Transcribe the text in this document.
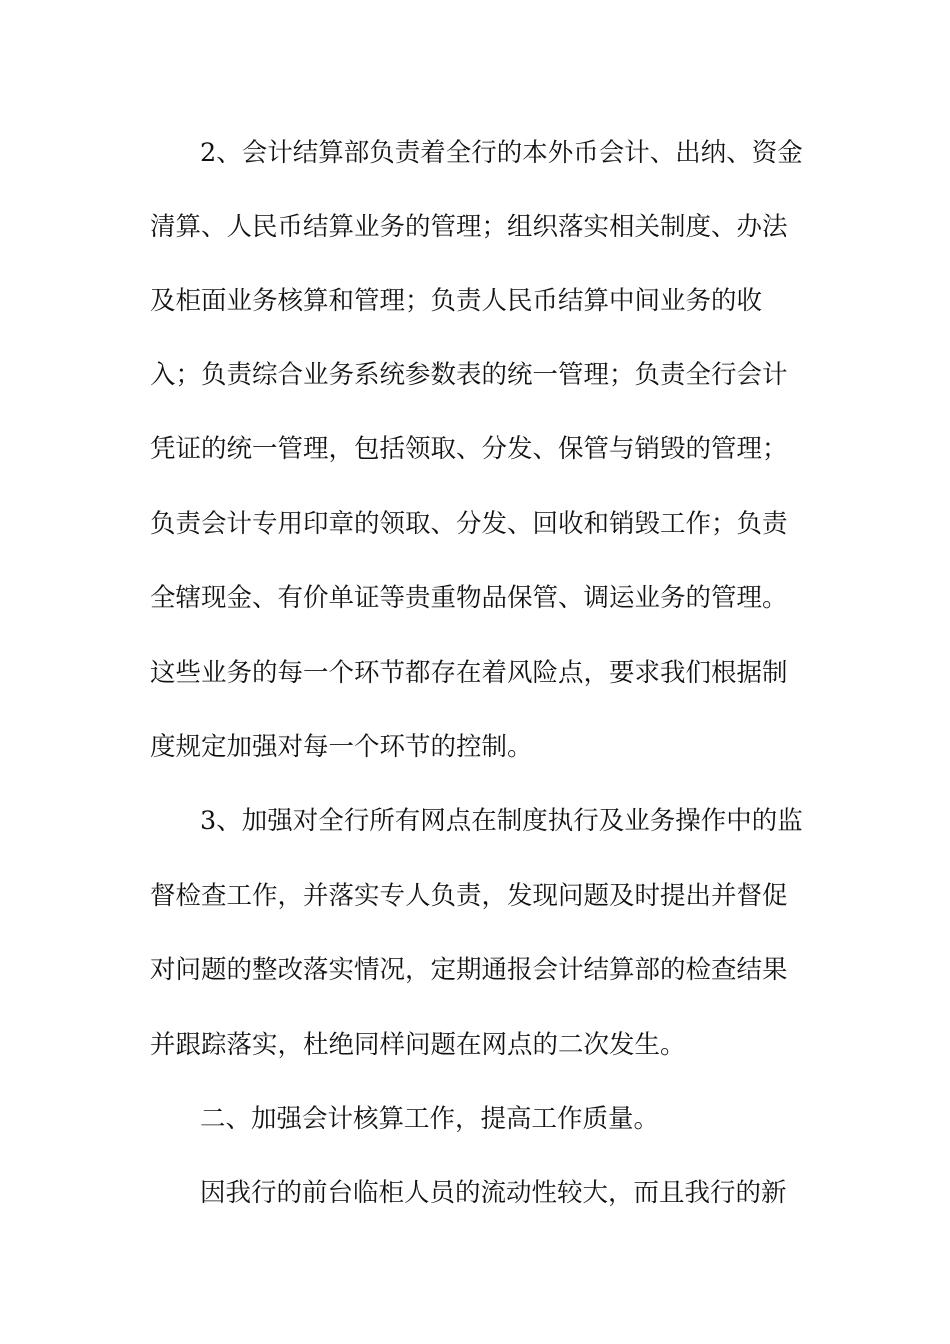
2、会计结算部负责着全行的本外币会计、出纳、资金

清算、人民币结算业务的管理；组织落实相关制度、办法

及柜面业务核算和管理；负责人民币结算中间业务的收

入；负责综合业务系统参数表的统一管理；负责全行会计

凭证的统一管理，包括领取、分发、保管与销毁的管理；

负责会计专用印章的领取、分发、回收和销毁工作；负责

全辖现金、有价单证等贵重物品保管、调运业务的管理。

这些业务的每一个环节都存在着风险点，要求我们根据制

度规定加强对每一个环节的控制。

3、加强对全行所有网点在制度执行及业务操作中的监

督检查工作，并落实专人负责，发现问题及时提出并督促

对问题的整改落实情况，定期通报会计结算部的检查结果

并跟踪落实，杜绝同样问题在网点的二次发生。

二、加强会计核算工作，提高工作质量。

因我行的前台临柜人员的流动性较大，而且我行的新
